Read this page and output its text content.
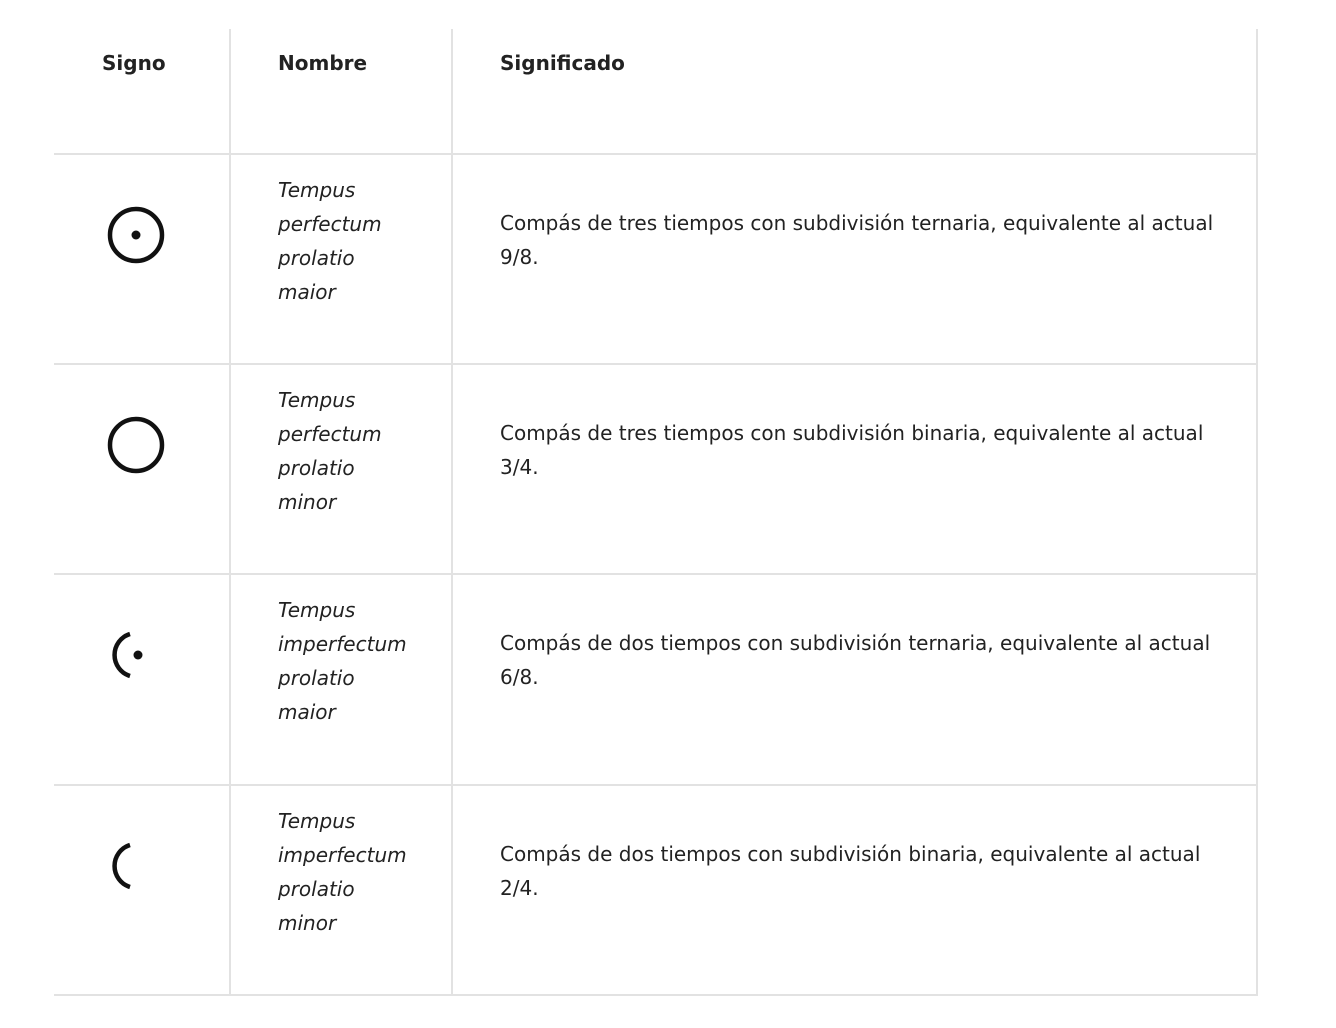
Signo	Nombre	Significado
Tempus
perfectum
prolatio
maior
Compás de tres tiempos con subdivisión ternaria, equivalente al actual 9/8.
Tempus
perfectum
prolatio
minor
Compás de tres tiempos con subdivisión binaria, equivalente al actual 3/4.
Tempus
imperfectum
prolatio
maior
Compás de dos tiempos con subdivisión ternaria, equivalente al actual 6/8.
Tempus
imperfectum
prolatio
minor
Compás de dos tiempos con subdivisión binaria, equivalente al actual 2/4.
